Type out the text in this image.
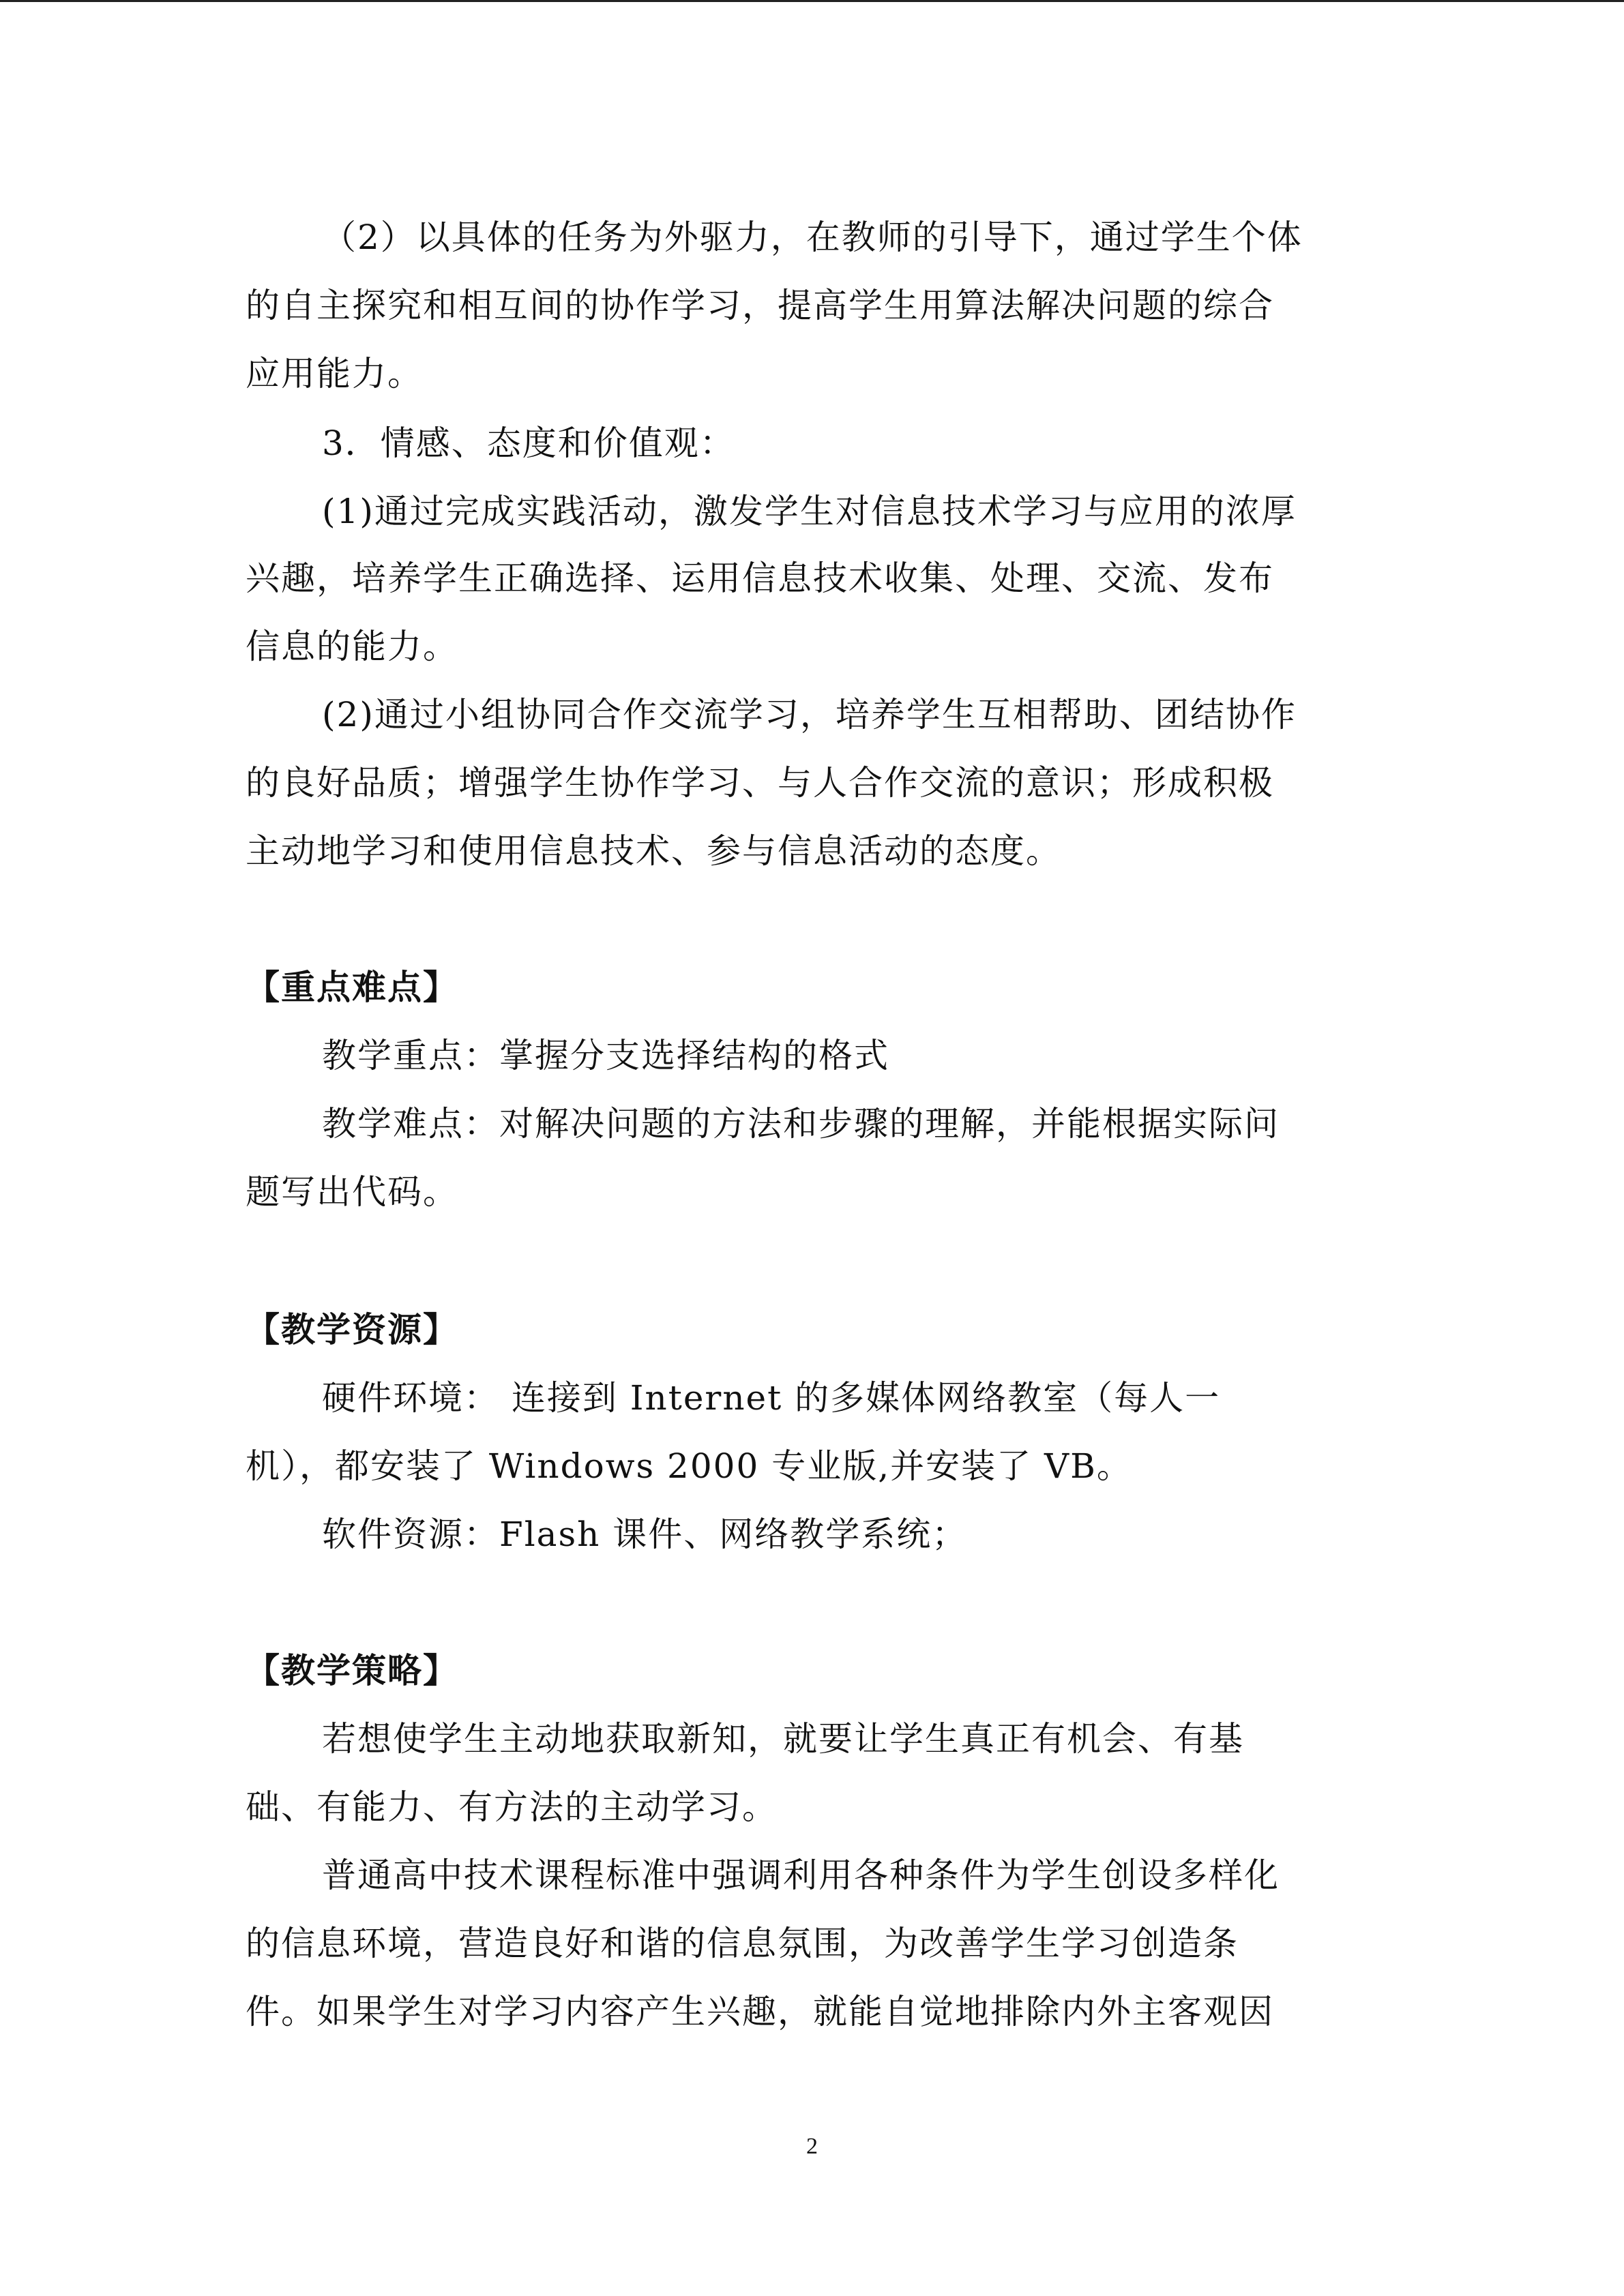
（2）以具体的任务为外驱力，在教师的引导下，通过学生个体
的自主探究和相互间的协作学习，提高学生用算法解决问题的综合
应用能力。
3．情感、态度和价值观：
(1)通过完成实践活动，激发学生对信息技术学习与应用的浓厚
兴趣，培养学生正确选择、运用信息技术收集、处理、交流、发布
信息的能力。
(2)通过小组协同合作交流学习，培养学生互相帮助、团结协作
的良好品质；增强学生协作学习、与人合作交流的意识；形成积极
主动地学习和使用信息技术、参与信息活动的态度。
【重点难点】
教学重点：掌握分支选择结构的格式
教学难点：对解决问题的方法和步骤的理解，并能根据实际问
题写出代码。
【教学资源】
硬件环境： 连接到 Internet 的多媒体网络教室（每人一
机），都安装了 Windows 2000 专业版,并安装了 VB。
软件资源：Flash 课件、网络教学系统；
【教学策略】
若想使学生主动地获取新知，就要让学生真正有机会、有基
础、有能力、有方法的主动学习。
普通高中技术课程标准中强调利用各种条件为学生创设多样化
的信息环境，营造良好和谐的信息氛围，为改善学生学习创造条
件。如果学生对学习内容产生兴趣，就能自觉地排除内外主客观因
2
